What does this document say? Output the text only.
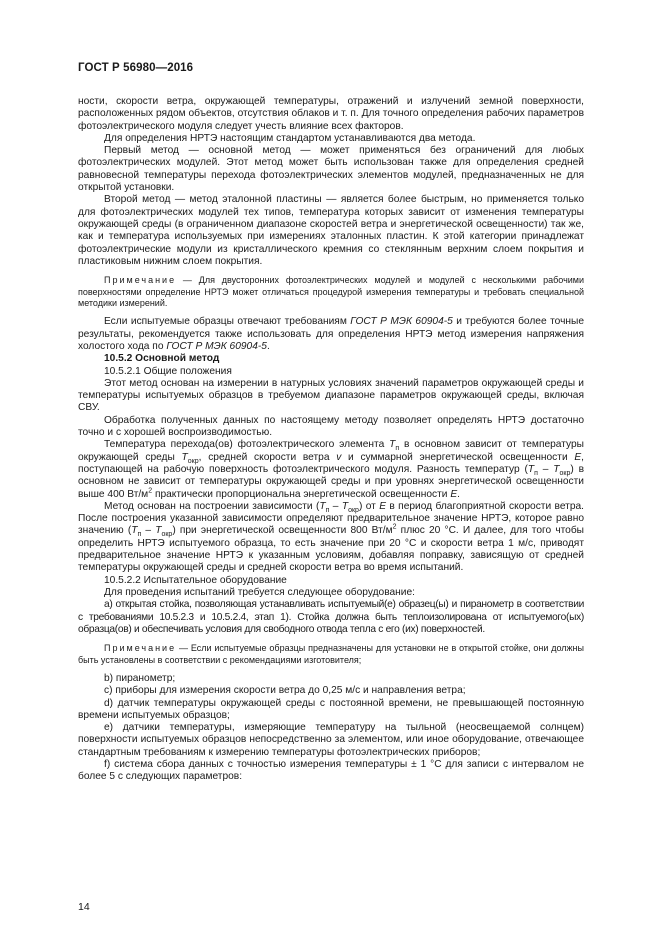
ГОСТ Р 56980—2016

ности, скорости ветра, окружающей температуры, отражений и излучений земной поверхности, расположенных рядом объектов, отсутствия облаков и т. п. Для точного определения рабочих параметров фотоэлектрического модуля следует учесть влияние всех факторов.

Для определения НРТЭ настоящим стандартом устанавливаются два метода.

Первый метод — основной метод — может применяться без ограничений для любых фотоэлектрических модулей. Этот метод может быть использован также для определения средней равновесной температуры перехода фотоэлектрических элементов модулей, предназначенных не для открытой установки.

Второй метод — метод эталонной пластины — является более быстрым, но применяется только для фотоэлектрических модулей тех типов, температура которых зависит от изменения температуры окружающей среды (в ограниченном диапазоне скоростей ветра и энергетической освещенности) так же, как и температура используемых при измерениях эталонных пластин. К этой категории принадлежат фотоэлектрические модули из кристаллического кремния со стеклянным верхним слоем покрытия и пластиковым нижним слоем покрытия.

Примечание — Для двусторонних фотоэлектрических модулей и модулей с несколькими рабочими поверхностями определение НРТЭ может отличаться процедурой измерения температуры и требовать специальной методики измерений.

Если испытуемые образцы отвечают требованиям ГОСТ Р МЭК 60904-5 и требуются более точные результаты, рекомендуется также использовать для определения НРТЭ метод измерения напряжения холостого хода по ГОСТ Р МЭК 60904-5.

10.5.2 Основной метод

10.5.2.1 Общие положения

Этот метод основан на измерении в натурных условиях значений параметров окружающей среды и температуры испытуемых образцов в требуемом диапазоне параметров окружающей среды, включая СВУ.

Обработка полученных данных по настоящему методу позволяет определять НРТЭ достаточно точно и с хорошей воспроизводимостью.

Температура перехода(ов) фотоэлектрического элемента $T_п$ в основном зависит от температуры окружающей среды $T_{окр}$, средней скорости ветра v и суммарной энергетической освещенности E, поступающей на рабочую поверхность фотоэлектрического модуля. Разность температур $(T_п - T_{окр})$ в основном не зависит от температуры окружающей среды и при уровнях энергетической освещенности выше 400 $Вт/м^2$ практически пропорциональна энергетической освещенности E.

Метод основан на построении зависимости $(T_п - T_{окр})$ от E в период благоприятной скорости ветра. После построения указанной зависимости определяют предварительное значение НРТЭ, которое равно значению $(T_п - T_{окр})$ при энергетической освещенности 800 $Вт/м^2$ плюс 20 °С. И далее, для того чтобы определить НРТЭ испытуемого образца, то есть значение при 20 °С и скорости ветра 1 м/с, приводят предварительное значение НРТЭ к указанным условиям, добавляя поправку, зависящую от средней температуры окружающей среды и средней скорости ветра во время испытаний.

10.5.2.2 Испытательное оборудование

Для проведения испытаний требуется следующее оборудование:

а) открытая стойка, позволяющая устанавливать испытуемый(е) образец(ы) и пиранометр в соответствии с требованиями 10.5.2.3 и 10.5.2.4, этап 1). Стойка должна быть теплоизолирована от испытуемого(ых) образца(ов) и обеспечивать условия для свободного отвода тепла с его (их) поверхностей.

Примечание — Если испытуемые образцы предназначены для установки не в открытой стойке, они должны быть установлены в соответствии с рекомендациями изготовителя;

b) пиранометр;

с) приборы для измерения скорости ветра до 0,25 м/с и направления ветра;

d) датчик температуры окружающей среды с постоянной времени, не превышающей постоянную времени испытуемых образцов;

е) датчики температуры, измеряющие температуру на тыльной (неосвещаемой солнцем) поверхности испытуемых образцов непосредственно за элементом, или иное оборудование, отвечающее стандартным требованиям к измерению температуры фотоэлектрических приборов;

f) система сбора данных с точностью измерения температуры ± 1 °С для записи с интервалом не более 5 с следующих параметров:

14
